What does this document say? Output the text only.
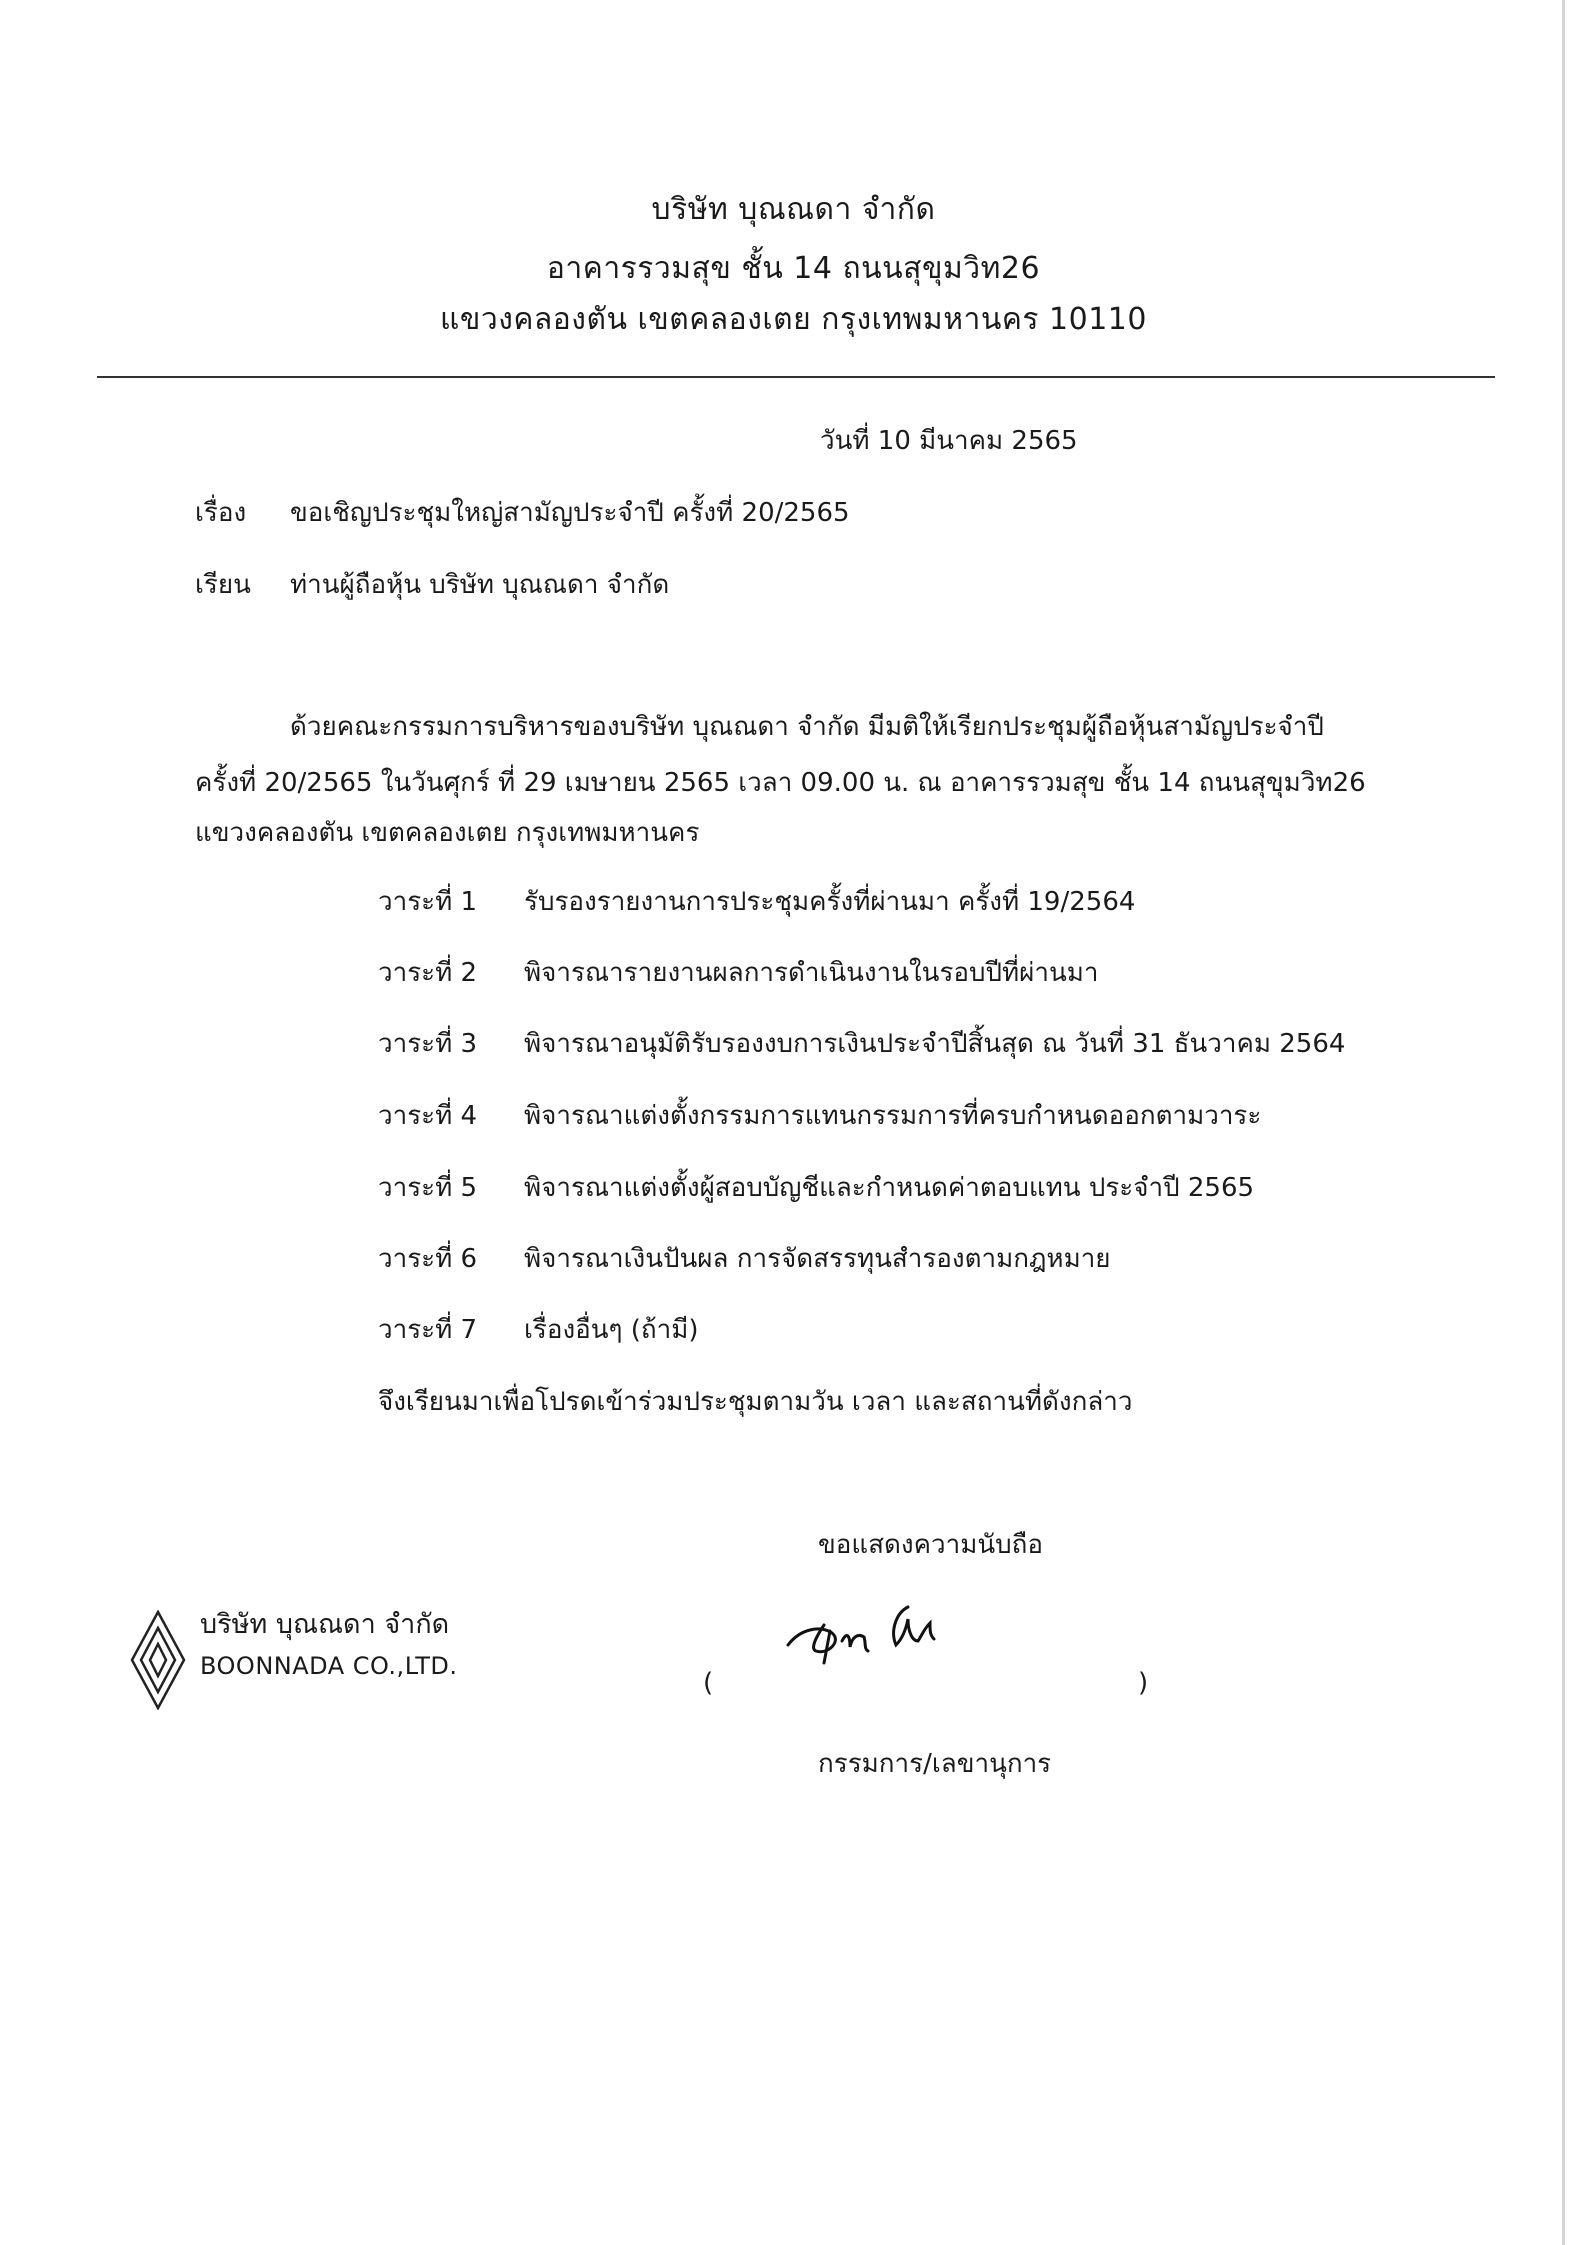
บริษัท บุณณดา จำกัด
อาคารรวมสุข ชั้น 14 ถนนสุขุมวิท26
แขวงคลองตัน เขตคลองเตย กรุงเทพมหานคร 10110
วันที่ 10 มีนาคม 2565
เรื่อง ขอเชิญประชุมใหญ่สามัญประจำปี ครั้งที่ 20/2565
เรียน ท่านผู้ถือหุ้น บริษัท บุณณดา จำกัด
ด้วยคณะกรรมการบริหารของบริษัท บุณณดา จำกัด มีมติให้เรียกประชุมผู้ถือหุ้นสามัญประจำปี
ครั้งที่ 20/2565 ในวันศุกร์ ที่ 29 เมษายน 2565 เวลา 09.00 น. ณ อาคารรวมสุข ชั้น 14 ถนนสุขุมวิท26
แขวงคลองตัน เขตคลองเตย กรุงเทพมหานคร
วาระที่ 1	รับรองรายงานการประชุมครั้งที่ผ่านมา ครั้งที่ 19/2564
วาระที่ 2	พิจารณารายงานผลการดำเนินงานในรอบปีที่ผ่านมา
วาระที่ 3	พิจารณาอนุมัติรับรองงบการเงินประจำปีสิ้นสุด ณ วันที่ 31 ธันวาคม 2564
วาระที่ 4	พิจารณาแต่งตั้งกรรมการแทนกรรมการที่ครบกำหนดออกตามวาระ
วาระที่ 5	พิจารณาแต่งตั้งผู้สอบบัญชีและกำหนดค่าตอบแทน ประจำปี 2565
วาระที่ 6	พิจารณาเงินปันผล การจัดสรรทุนสำรองตามกฎหมาย
วาระที่ 7	เรื่องอื่นๆ (ถ้ามี)
จึงเรียนมาเพื่อโปรดเข้าร่วมประชุมตามวัน เวลา และสถานที่ดังกล่าว
ขอแสดงความนับถือ
(	)
กรรมการ/เลขานุการ
บริษัท บุณณดา จำกัด
BOONNADA CO.,LTD.
